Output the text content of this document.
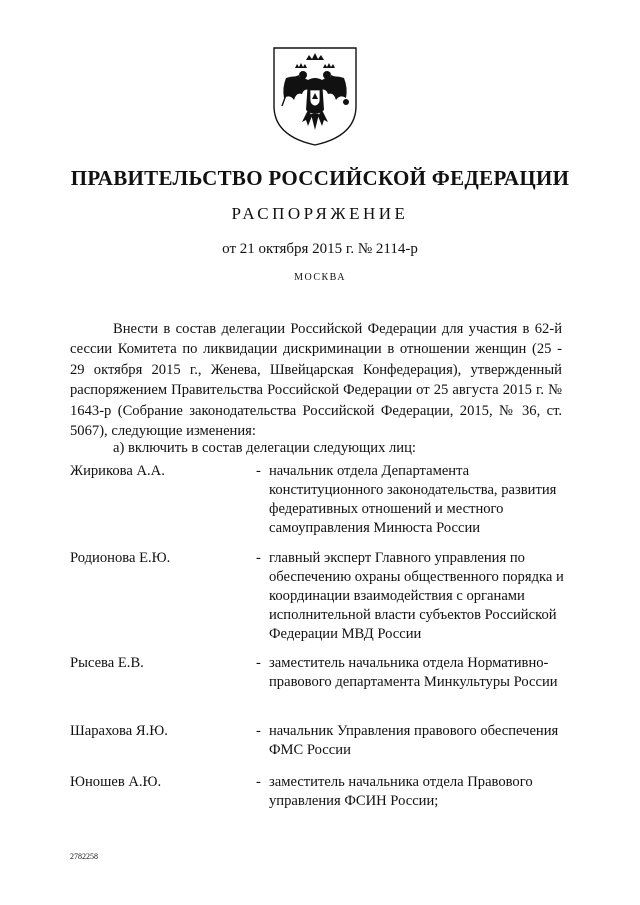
ПРАВИТЕЛЬСТВО РОССИЙСКОЙ ФЕДЕРАЦИИ
РАСПОРЯЖЕНИЕ
от 21 октября 2015 г. № 2114-р
МОСКВА

Внести в состав делегации Российской Федерации для участия в 62-й сессии Комитета по ликвидации дискриминации в отношении женщин (25 - 29 октября 2015 г., Женева, Швейцарская Конфедерация), утвержденный распоряжением Правительства Российской Федерации от 25 августа 2015 г. № 1643-р (Собрание законодательства Российской Федерации, 2015, № 36, ст. 5067), следующие изменения:

а) включить в состав делегации следующих лиц:
Жирикова А.А.	- начальник отдела Департамента конституционного законодательства, развития федеративных отношений и местного самоуправления Минюста России
Родионова Е.Ю.	- главный эксперт Главного управления по обеспечению охраны общественного порядка и координации взаимодействия с органами исполнительной власти субъектов Российской Федерации МВД России
Рысева Е.В.	- заместитель начальника отдела Нормативно-правового департамента Минкультуры России
Шарахова Я.Ю.	- начальник Управления правового обеспечения ФМС России
Юношев А.Ю.	- заместитель начальника отдела Правового управления ФСИН России;
2782258
